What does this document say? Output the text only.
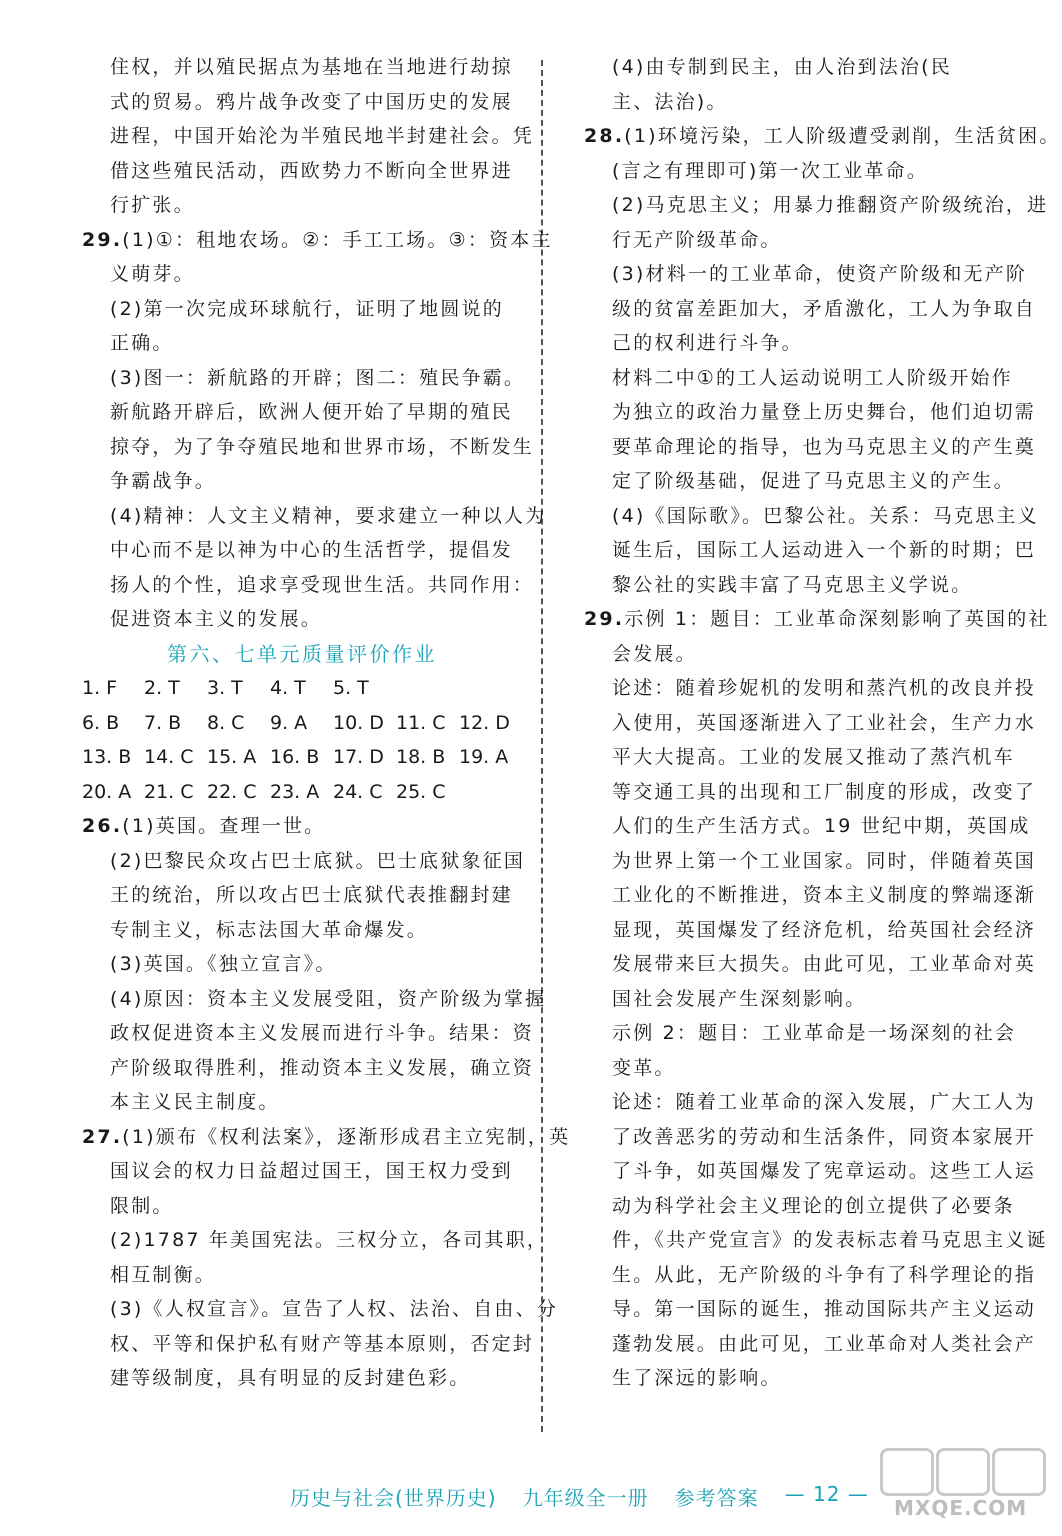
住权，并以殖民据点为基地在当地进行劫掠
式的贸易。鸦片战争改变了中国历史的发展
进程，中国开始沦为半殖民地半封建社会。凭
借这些殖民活动，西欧势力不断向全世界进
行扩张。
29.(1)①：租地农场。②：手工工场。③：资本主
义萌芽。
(2)第一次完成环球航行，证明了地圆说的
正确。
(3)图一：新航路的开辟；图二：殖民争霸。
新航路开辟后，欧洲人便开始了早期的殖民
掠夺，为了争夺殖民地和世界市场，不断发生
争霸战争。
(4)精神：人文主义精神，要求建立一种以人为
中心而不是以神为中心的生活哲学，提倡发
扬人的个性，追求享受现世生活。共同作用：
促进资本主义的发展。
第六、七单元质量评价作业
1. F 2. T 3. T 4. T 5. T
6. B 7. B 8. C 9. A 10. D 11. C 12. D
13. B 14. C 15. A 16. B 17. D 18. B 19. A
20. A 21. C 22. C 23. A 24. C 25. C
26.(1)英国。查理一世。
(2)巴黎民众攻占巴士底狱。巴士底狱象征国
王的统治，所以攻占巴士底狱代表推翻封建
专制主义，标志法国大革命爆发。
(3)英国。《独立宣言》。
(4)原因：资本主义发展受阻，资产阶级为掌握
政权促进资本主义发展而进行斗争。结果：资
产阶级取得胜利，推动资本主义发展，确立资
本主义民主制度。
27.(1)颁布《权利法案》，逐渐形成君主立宪制，英
国议会的权力日益超过国王，国王权力受到
限制。
(2)1787 年美国宪法。三权分立，各司其职，
相互制衡。
(3)《人权宣言》。宣告了人权、法治、自由、分
权、平等和保护私有财产等基本原则，否定封
建等级制度，具有明显的反封建色彩。
(4)由专制到民主，由人治到法治(民
主、法治)。
28.(1)环境污染，工人阶级遭受剥削，生活贫困。
(言之有理即可)第一次工业革命。
(2)马克思主义；用暴力推翻资产阶级统治，进
行无产阶级革命。
(3)材料一的工业革命，使资产阶级和无产阶
级的贫富差距加大，矛盾激化，工人为争取自
己的权利进行斗争。
材料二中①的工人运动说明工人阶级开始作
为独立的政治力量登上历史舞台，他们迫切需
要革命理论的指导，也为马克思主义的产生奠
定了阶级基础，促进了马克思主义的产生。
(4)《国际歌》。巴黎公社。关系：马克思主义
诞生后，国际工人运动进入一个新的时期；巴
黎公社的实践丰富了马克思主义学说。
29.示例 1：题目：工业革命深刻影响了英国的社
会发展。
论述：随着珍妮机的发明和蒸汽机的改良并投
入使用，英国逐渐进入了工业社会，生产力水
平大大提高。工业的发展又推动了蒸汽机车
等交通工具的出现和工厂制度的形成，改变了
人们的生产生活方式。19 世纪中期，英国成
为世界上第一个工业国家。同时，伴随着英国
工业化的不断推进，资本主义制度的弊端逐渐
显现，英国爆发了经济危机，给英国社会经济
发展带来巨大损失。由此可见，工业革命对英
国社会发展产生深刻影响。
示例 2：题目：工业革命是一场深刻的社会
变革。
论述：随着工业革命的深入发展，广大工人为
了改善恶劣的劳动和生活条件，同资本家展开
了斗争，如英国爆发了宪章运动。这些工人运
动为科学社会主义理论的创立提供了必要条
件，《共产党宣言》的发表标志着马克思主义诞
生。从此，无产阶级的斗争有了科学理论的指
导。第一国际的诞生，推动国际共产主义运动
蓬勃发展。由此可见，工业革命对人类社会产
生了深远的影响。
历史与社会(世界历史) 九年级全一册 参考答案 — 12 —
MXQE.COM
